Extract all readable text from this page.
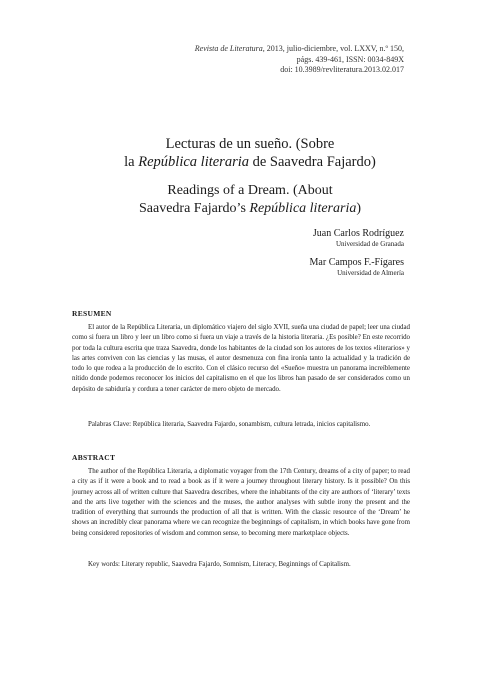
Revista de Literatura, 2013, julio-diciembre, vol. LXXV, n.º 150,
págs. 439-461, ISSN: 0034-849X
doi: 10.3989/revliteratura.2013.02.017
Lecturas de un sueño. (Sobre
la República literaria de Saavedra Fajardo)
Readings of a Dream. (About
Saavedra Fajardo’s República literaria)
Juan Carlos Rodríguez
Universidad de Granada
Mar Campos F.-Fígares
Universidad de Almería
RESUMEN
El autor de la República Literaria, un diplomático viajero del siglo XVII, sueña una ciudad de papel; leer una ciudad como si fuera un libro y leer un libro como si fuera un viaje a través de la historia literaria. ¿Es posible? En este recorrido por toda la cultura escrita que traza Saavedra, donde los habitantes de la ciudad son los autores de los textos «literarios» y las artes conviven con las ciencias y las musas, el autor desmenuza con fina ironía tanto la actualidad y la tradición de todo lo que rodea a la producción de lo escrito. Con el clásico recurso del «Sueño» muestra un panorama increíblemente nítido donde podemos reconocer los inicios del capitalismo en el que los libros han pasado de ser considerados como un depósito de sabiduría y cordura a tener carácter de mero objeto de mercado.
Palabras Clave: República literaria, Saavedra Fajardo, sonambism, cultura letrada, inicios capitalismo.
ABSTRACT
The author of the República Literaria, a diplomatic voyager from the 17th Century, dreams of a city of paper; to read a city as if it were a book and to read a book as if it were a journey throughout literary history. Is it possible? On this journey across all of written culture that Saavedra describes, where the inhabitants of the city are authors of ‘literary’ texts and the arts live together with the sciences and the muses, the author analyses with subtle irony the present and the tradition of everything that surrounds the production of all that is written. With the classic resource of the ‘Dream’ he shows an incredibly clear panorama where we can recognize the beginnings of capitalism, in which books have gone from being considered repositories of wisdom and common sense, to becoming mere marketplace objects.
Key words: Literary republic, Saavedra Fajardo, Somnism, Literacy, Beginnings of Capitalism.
